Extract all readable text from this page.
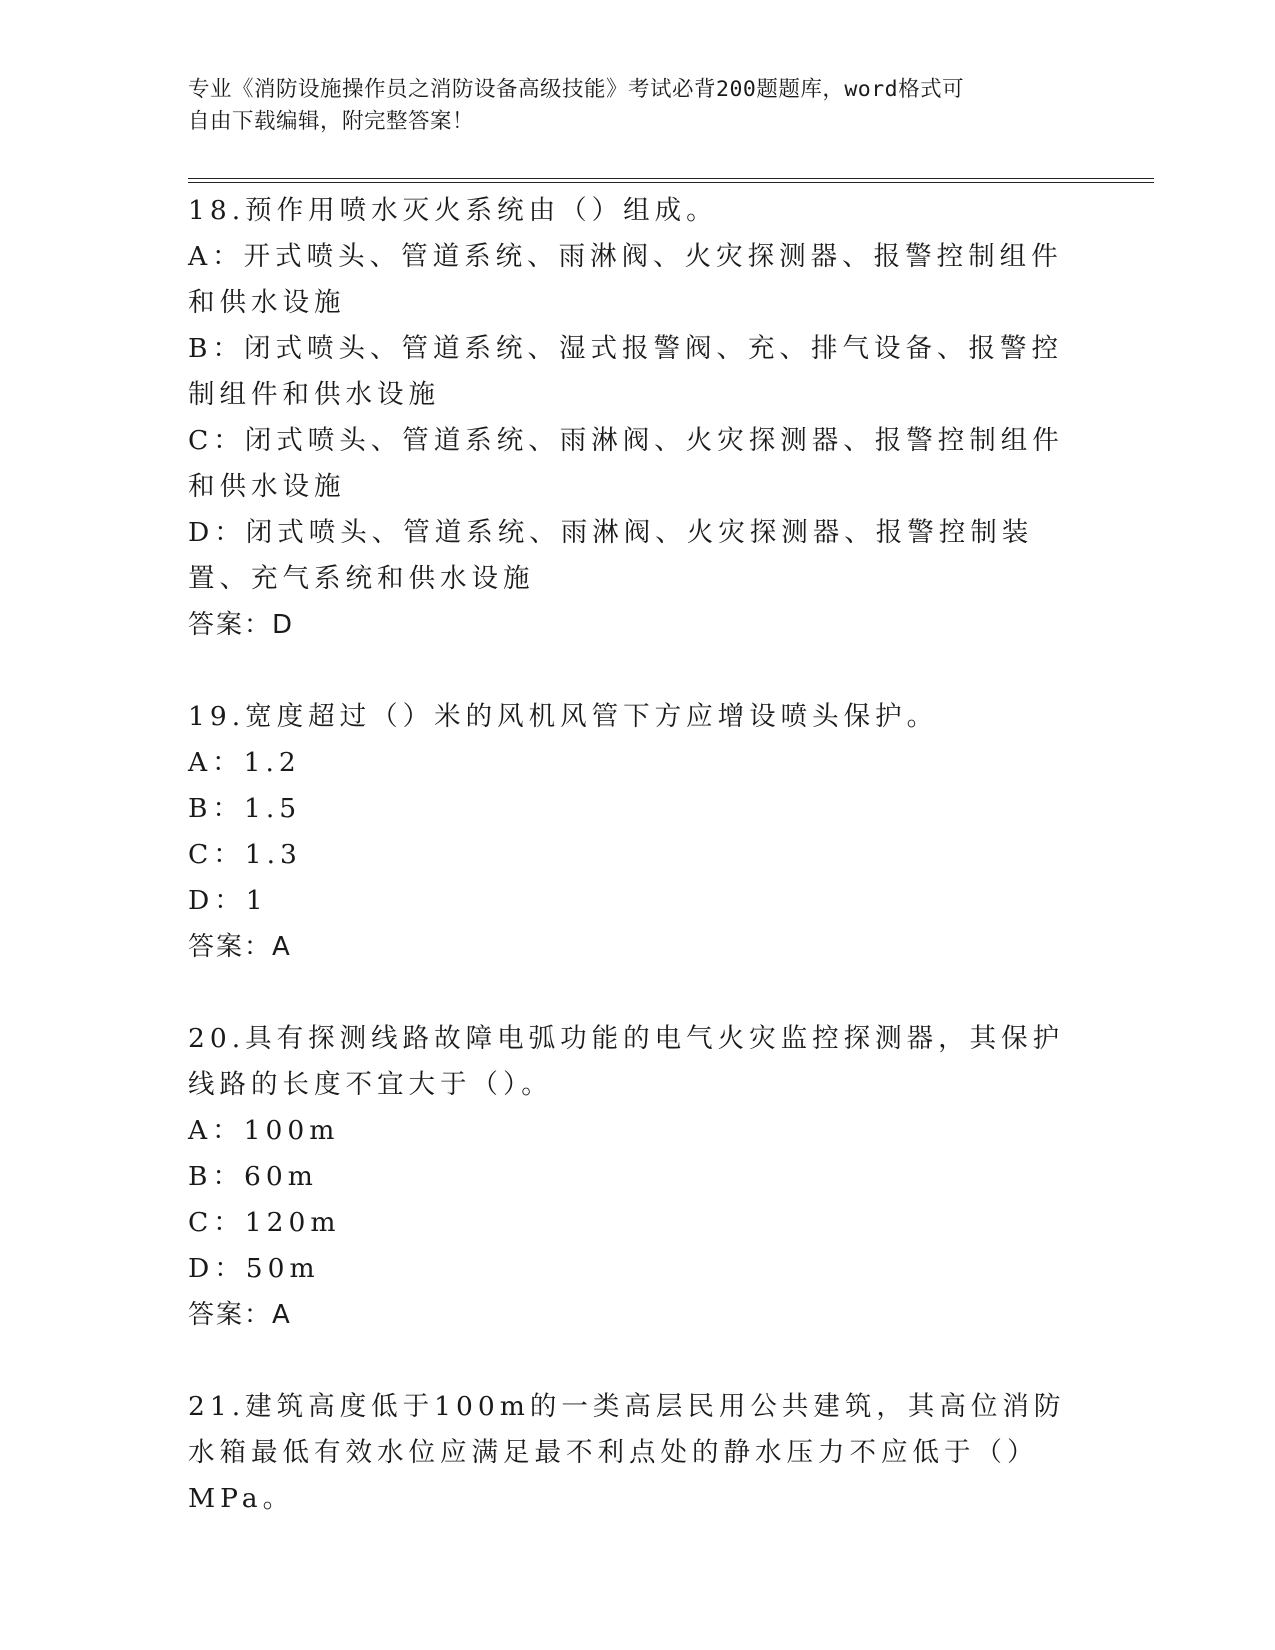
专业《消防设施操作员之消防设备高级技能》考试必背200题题库，word格式可
自由下载编辑，附完整答案！

18.预作用喷水灭火系统由（）组成。

A：开式喷头、管道系统、雨淋阀、火灾探测器、报警控制组件和供水设施

B：闭式喷头、管道系统、湿式报警阀、充、排气设备、报警控制组件和供水设施

C：闭式喷头、管道系统、雨淋阀、火灾探测器、报警控制组件和供水设施

D：闭式喷头、管道系统、雨淋阀、火灾探测器、报警控制装置、充气系统和供水设施

答案：D

19.宽度超过（）米的风机风管下方应增设喷头保护。

A：1.2

B：1.5

C：1.3

D：1

答案：A

20.具有探测线路故障电弧功能的电气火灾监控探测器，其保护线路的长度不宜大于（）。

A：100m

B：60m

C：120m

D：50m

答案：A

21.建筑高度低于100m的一类高层民用公共建筑，其高位消防水箱最低有效水位应满足最不利点处的静水压力不应低于（）MPa。
